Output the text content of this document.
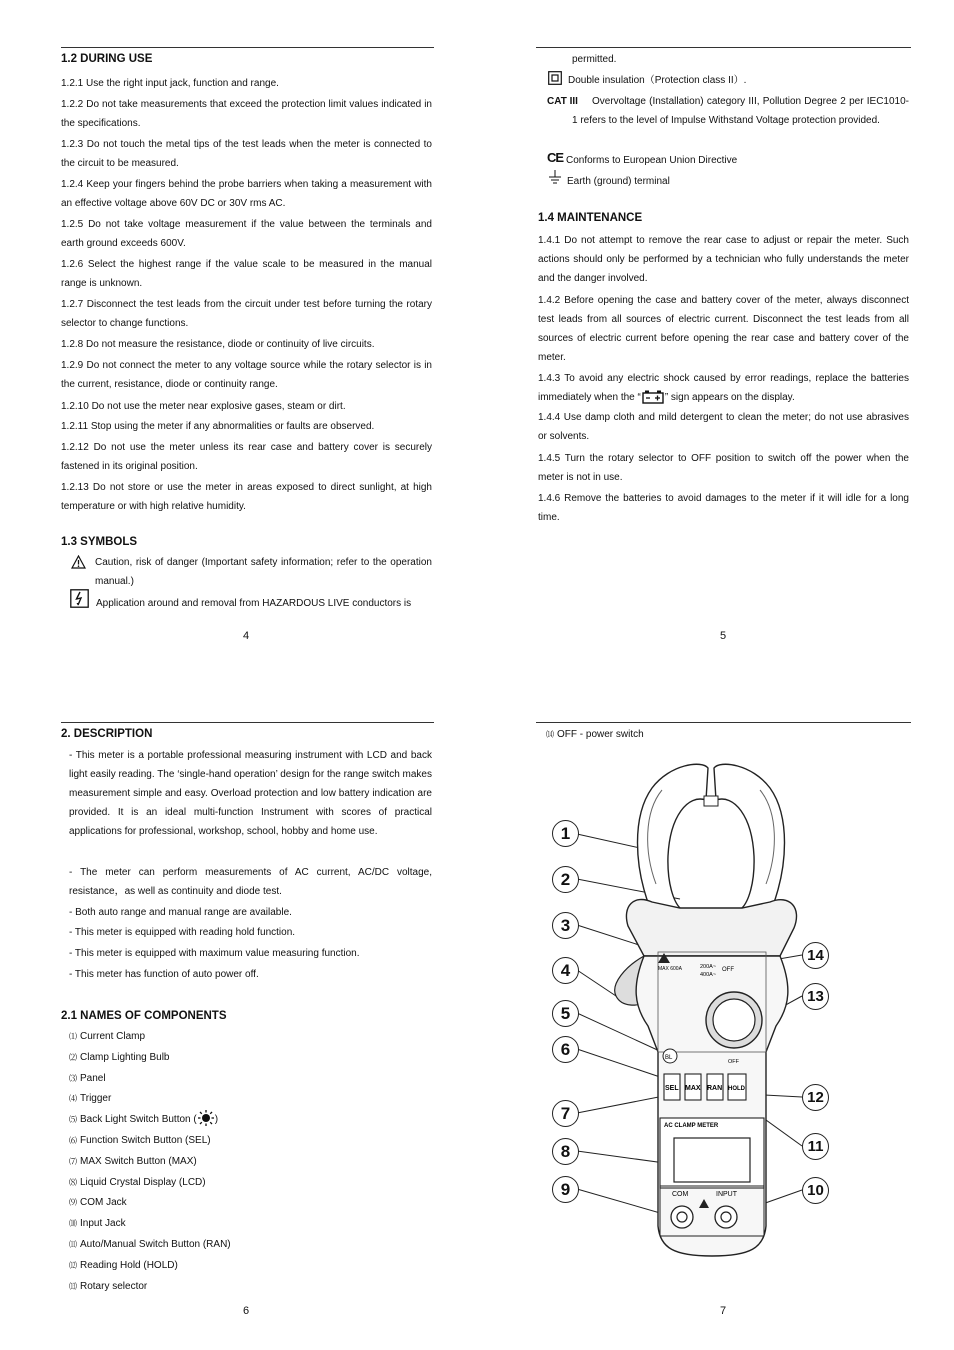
1.2 DURING USE
1.2.1 Use the right input jack, function and range.
1.2.2 Do not take measurements that exceed the protection limit values indicated in the specifications.
1.2.3 Do not touch the metal tips of the test leads when the meter is connected to the circuit to be measured.
1.2.4 Keep your fingers behind the probe barriers when taking a measurement with an effective voltage above 60V DC or 30V rms AC.
1.2.5 Do not take voltage measurement if the value between the terminals and earth ground exceeds 600V.
1.2.6 Select the highest range if the value scale to be measured in the manual range is unknown.
1.2.7 Disconnect the test leads from the circuit under test before turning the rotary selector to change functions.
1.2.8 Do not measure the resistance, diode or continuity of live circuits.
1.2.9 Do not connect the meter to any voltage source while the rotary selector is in the current, resistance, diode or continuity range.
1.2.10 Do not use the meter near explosive gases, steam or dirt.
1.2.11 Stop using the meter if any abnormalities or faults are observed.
1.2.12 Do not use the meter unless its rear case and battery cover is securely fastened in its original position.
1.2.13 Do not store or use the meter in areas exposed to direct sunlight, at high temperature or with high relative humidity.
1.3 SYMBOLS
Caution, risk of danger (Important safety information; refer to the operation manual.)
Application around and removal from HAZARDOUS LIVE conductors is
4
permitted.
Double insulation（Protection class II）.
CAT III	Overvoltage (Installation) category III, Pollution Degree 2 per IEC1010-1 refers to the level of Impulse Withstand Voltage protection provided.
CE Conforms to European Union Directive
Earth (ground) terminal
1.4 MAINTENANCE
1.4.1 Do not attempt to remove the rear case to adjust or repair the meter. Such actions should only be performed by a technician who fully understands the meter and the danger involved.
1.4.2 Before opening the case and battery cover of the meter, always disconnect test leads from all sources of electric current. Disconnect the test leads from all sources of electric current before opening the rear case and battery cover of the meter.
1.4.3 To avoid any electric shock caused by error readings, replace the batteries immediately when the “ ” sign appears on the display.
1.4.4 Use damp cloth and mild detergent to clean the meter; do not use abrasives or solvents.
1.4.5 Turn the rotary selector to OFF position to switch off the power when the meter is not in use.
1.4.6 Remove the batteries to avoid damages to the meter if it will idle for a long time.
5
2. DESCRIPTION
- This meter is a portable professional measuring instrument with LCD and back light easily reading. The ‘single-hand operation’ design for the range switch makes measurement simple and easy. Overload protection and low battery indication are provided. It is an ideal multi-function Instrument with scores of practical applications for professional, workshop, school, hobby and home use.
- The meter can perform measurements of AC current, AC/DC voltage, resistance，as well as continuity and diode test.
- Both auto range and manual range are available.
- This meter is equipped with reading hold function.
- This meter is equipped with maximum value measuring function.
- This meter has function of auto power off.
2.1 NAMES OF COMPONENTS
⑴ Current Clamp
⑵ Clamp Lighting Bulb
⑶ Panel
⑷ Trigger
⑸ Back Light Switch Button ( )
⑹ Function Switch Button (SEL)
⑺ MAX Switch Button (MAX)
⑻ Liquid Crystal Display (LCD)
⑼ COM Jack
⑽ Input Jack
⑾ Auto/Manual Switch Button (RAN)
⑿ Reading Hold (HOLD)
⒀ Rotary selector
6
⒁ OFF - power switch
MAX 600A	200A~
400A~
OFF
BL
OFF
SEL MAX RAN HOLD
AC CLAMP METER
COM	INPUT
1
2
3
4
5
6
7
8
9	10
11
12
13
14
7
